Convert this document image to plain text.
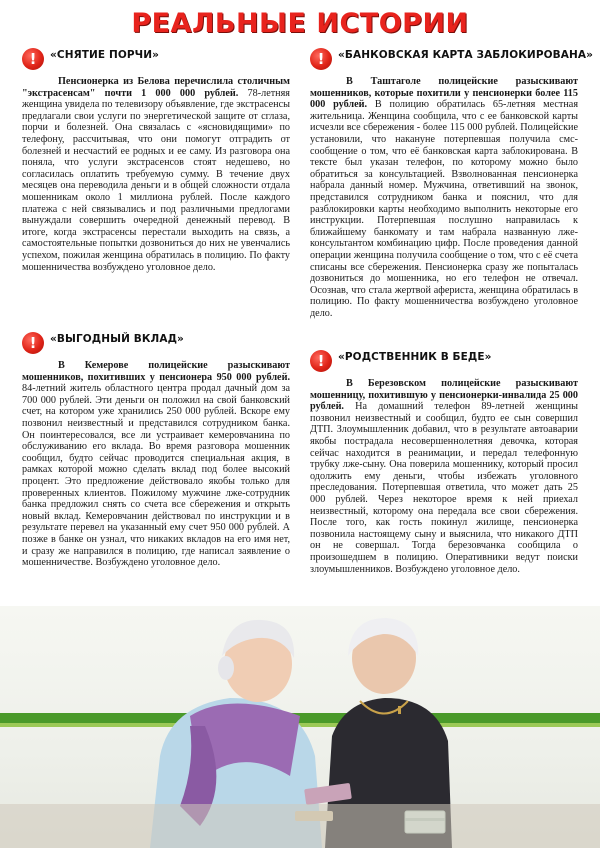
РЕАЛЬНЫЕ ИСТОРИИ
!	«СНЯТИЕ ПОРЧИ»

Пенсионерка из Белова перечислила столичным "экстрасенсам" почти 1 000 000 рублей. 78-летняя женщина увидела по телевизору объявление, где экстрасенсы предлагали свои услуги по энергетической защите от сглаза, порчи и болезней. Она связалась с «ясновидящими» по телефону, рассчитывая, что они помогут отградить от болезней и несчастий ее родных и ее саму. Из разговора она поняла, что услуги экстрасенсов стоят недешево, но согласилась оплатить требуемую сумму. В течение двух месяцев она переводила деньги и в общей сложности отдала мошенникам около 1 миллиона рублей. После каждого платежа с ней связывались и под различными предлогами вынуждали совершить очередной денежный перевод. В итоге, когда экстрасенсы перестали выходить на связь, а самостоятельные попытки дозвониться до них не увенчались успехом, пожилая женщина обратилась в полицию. По факту мошенничества возбуждено уголовное дело.

!	«ВЫГОДНЫЙ ВКЛАД»

В Кемерове полицейские разыскивают мошенников, похитивших у пенсионера 950 000 рублей. 84-летний житель областного центра продал дачный дом за 700 000 рублей. Эти деньги он положил на свой банковский счет, на котором уже хранились 250 000 рублей. Вскоре ему позвонил неизвестный и представился сотрудником банка. Он поинтересовался, все ли устраивает кемеровчанина по обслуживанию его вклада. Во время разговора мошенник сообщил, будто сейчас проводится специальная акция, в рамках которой можно сделать вклад под более высокий процент. Это предложение действовало якобы только для проверенных клиентов. Пожилому мужчине лже-сотрудник банка предложил снять со счета все сбережения и открыть новый вклад. Кемеровчанин действовал по инструкции и в результате перевел на указанный ему счет 950 000 рублей. А позже в банке он узнал, что никаких вкладов на его имя нет, и сразу же направился в полицию, где написал заявление о мошенничестве. Возбуждено уголовное дело.

!	«БАНКОВСКАЯ КАРТА ЗАБЛОКИРОВАНА»

В Таштаголе полицейские разыскивают мошенников, которые похитили у пенсионерки более 115 000 рублей. В полицию обратилась 65-летняя местная жительница. Женщина сообщила, что с ее банковской карты исчезли все сбережения - более 115 000 рублей. Полицейские установили, что накануне потерпевшая получила смс-сообщение о том, что её банковская карта заблокирована. В тексте был указан телефон, по которому можно было обратиться за консультацией. Взволнованная пенсионерка набрала данный номер. Мужчина, ответивший на звонок, представился сотрудником банка и пояснил, что для разблокировки карты необходимо выполнить некоторые его инструкции. Потерпевшая послушно направилась к ближайшему банкомату и там набрала названную лже-консультантом комбинацию цифр. После проведения данной операции женщина получила сообщение о том, что с её счета списаны все сбережения. Пенсионерка сразу же попыталась дозвониться до мошенника, но его телефон не отвечал. Осознав, что стала жертвой афериста, женщина обратилась в полицию. По факту мошенничества возбуждено уголовное дело.

!	«РОДСТВЕННИК В БЕДЕ»

В Березовском полицейские разыскивают мошенницу, похитившую у пенсионерки-инвалида 25 000 рублей. На домашний телефон 89-летней женщины позвонил неизвестный и сообщил, будто ее сын совершил ДТП. Злоумышленник добавил, что в результате автоаварии якобы пострадала несовершеннолетняя девочка, которая сейчас находится в реанимации, и передал телефонную трубку лже-сыну. Она поверила мошеннику, который просил одолжить ему деньги, чтобы избежать уголовного преследования. Потерпевшая ответила, что может дать 25 000 рублей. Через некоторое время к ней приехал неизвестный, которому она передала все свои сбережения. После того, как гость покинул жилище, пенсионерка позвонила настоящему сыну и выяснила, что никакого ДТП он не совершал. Тогда березовчанка сообщила о произошедшем в полицию. Оперативники ведут поиски злоумышленников. Возбуждено уголовное дело.
